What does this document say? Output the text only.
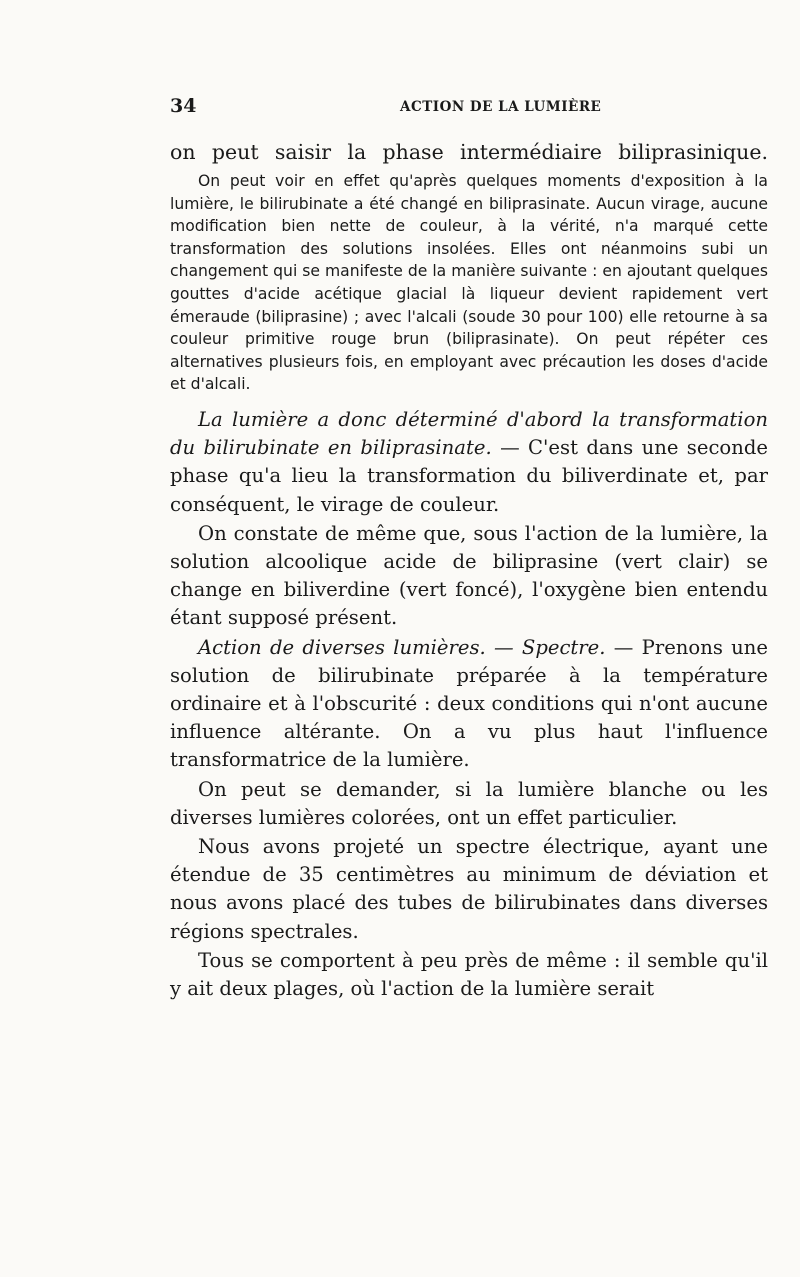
34	ACTION DE LA LUMIÈRE

on peut saisir la phase intermédiaire biliprasinique.

On peut voir en effet qu'après quelques moments d'exposition à la lumière, le bilirubinate a été changé en biliprasinate. Aucun virage, aucune modification bien nette de couleur, à la vérité, n'a marqué cette transformation des solutions insolées. Elles ont néanmoins subi un changement qui se manifeste de la manière suivante : en ajoutant quelques gouttes d'acide acétique glacial là liqueur devient rapidement vert émeraude (biliprasine) ; avec l'alcali (soude 30 pour 100) elle retourne à sa couleur primitive rouge brun (biliprasinate). On peut répéter ces alternatives plusieurs fois, en employant avec précaution les doses d'acide et d'alcali.

La lumière a donc déterminé d'abord la transformation du bilirubinate en biliprasinate. — C'est dans une seconde phase qu'a lieu la transformation du biliverdinate et, par conséquent, le virage de couleur.

On constate de même que, sous l'action de la lumière, la solution alcoolique acide de biliprasine (vert clair) se change en biliverdine (vert foncé), l'oxygène bien entendu étant supposé présent.

Action de diverses lumières. — Spectre. — Prenons une solution de bilirubinate préparée à la température ordinaire et à l'obscurité : deux conditions qui n'ont aucune influence altérante. On a vu plus haut l'influence transformatrice de la lumière.

On peut se demander, si la lumière blanche ou les diverses lumières colorées, ont un effet particulier.

Nous avons projeté un spectre électrique, ayant une étendue de 35 centimètres au minimum de déviation et nous avons placé des tubes de bilirubinates dans diverses régions spectrales.

Tous se comportent à peu près de même : il semble qu'il y ait deux plages, où l'action de la lumière serait
